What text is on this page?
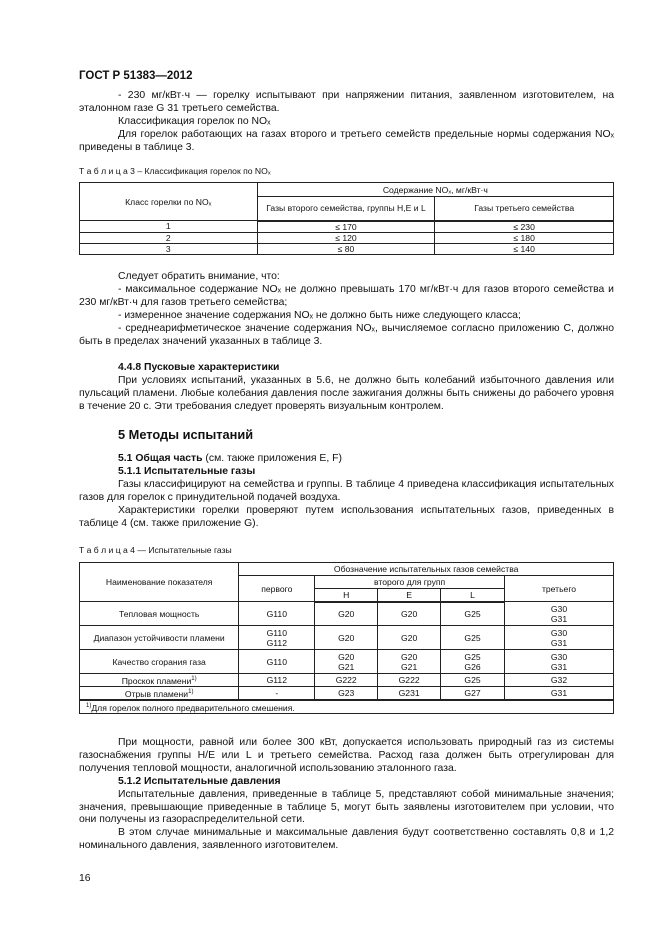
ГОСТ Р 51383—2012

- 230 мг/кВт·ч — горелку испытывают при напряжении питания, заявленном изготовителем, на эталонном газе G 31 третьего семейства.

Классификация горелок по NOₓ

Для горелок работающих на газах второго и третьего семейств предельные нормы содержания NOₓ приведены в таблице 3.

Т а б л и ц а 3 – Классификация горелок по NOₓ
Класс горелки по NOₓ	Содержание NOₓ, мг/кВт·ч	
	Газы второго семейства, группы H,E и L	Газы третьего семейства
1	≤ 170	≤ 230
2	≤ 120	≤ 180
3	≤ 80	≤ 140

Следует обратить внимание, что:

- максимальное содержание NOₓ не должно превышать 170 мг/кВт·ч для газов второго семейства и 230 мг/кВт·ч для газов третьего семейства;

- измеренное значение содержания NOₓ не должно быть ниже следующего класса;

- среднеарифметическое значение содержания NOₓ, вычисляемое согласно приложению С, должно быть в пределах значений указанных в таблице 3.

4.4.8 Пусковые характеристики

При условиях испытаний, указанных в 5.6, не должно быть колебаний избыточного давления или пульсаций пламени. Любые колебания давления после зажигания должны быть снижены до рабочего уровня в течение 20 с. Эти требования следует проверять визуальным контролем.

5 Методы испытаний

5.1 Общая часть (см. также приложения E, F)

5.1.1 Испытательные газы

Газы классифицируют на семейства и группы. В таблице 4 приведена классификация испытательных газов для горелок с принудительной подачей воздуха.

Характеристики горелки проверяют путем использования испытательных газов, приведенных в таблице 4 (см. также приложение G).

Т а б л и ц а 4 — Испытательные газы
Наименование показателя	Обозначение испытательных газов семейства				
	первого	второго для групп			третьего
		H	E	L	
Тепловая мощность	G110	G20	G20	G25	G30 G31
Диапазон устойчивости пламени	G110 G112	G20	G20	G25	G30 G31
Качество сгорания газа	G110	G20 G21	G20 G21	G25 G26	G30 G31
Проскок пламени$^{1)}$	G112	G222	G222	G25	G32
Отрыв пламени$^{1)}$	-	G23	G231	G27	G31
$^{1)}$Для горелок полного предварительного смешения.					

При мощности, равной или более 300 кВт, допускается использовать природный газ из системы газоснабжения группы H/E или L и третьего семейства. Расход газа должен быть отрегулирован для получения тепловой мощности, аналогичной использованию эталонного газа.

5.1.2 Испытательные давления

Испытательные давления, приведенные в таблице 5, представляют собой минимальные значения; значения, превышающие приведенные в таблице 5, могут быть заявлены изготовителем при условии, что они получены из газораспределительной сети.

В этом случае минимальные и максимальные давления будут соответственно составлять 0,8 и 1,2 номинального давления, заявленного изготовителем.

16
